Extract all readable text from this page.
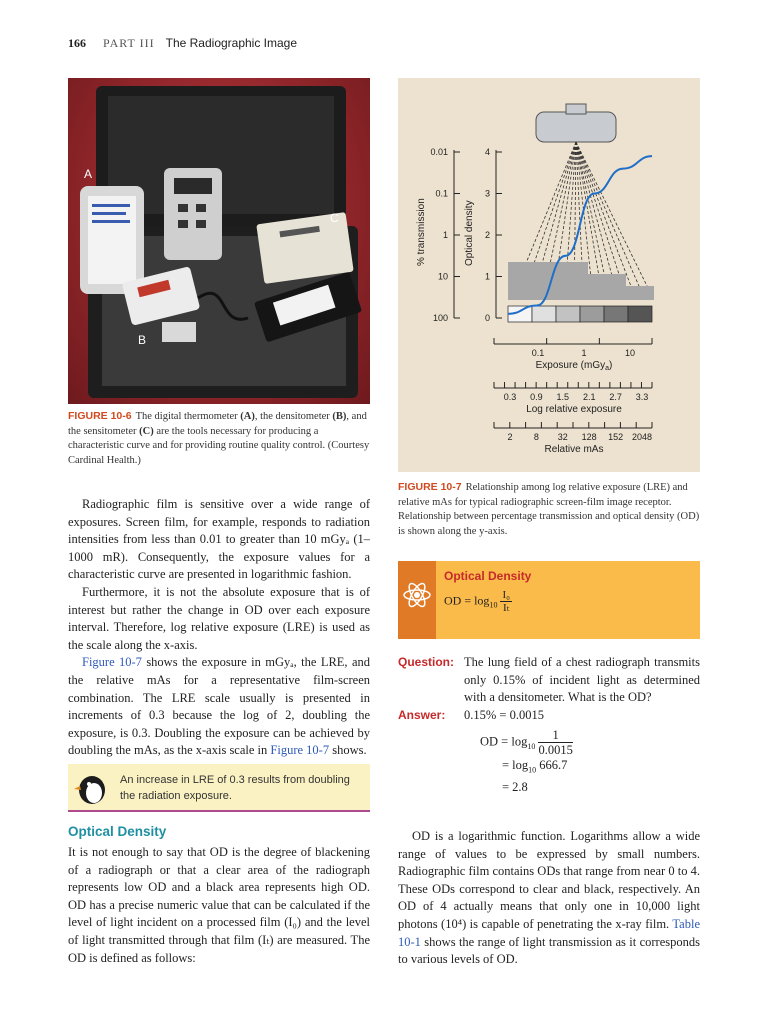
166 PART III The Radiographic Image
A
C
B
FIGURE 10-6 The digital thermometer (A), the densitometer (B), and the sensitometer (C) are the tools necessary for producing a characteristic curve and for providing routine quality control. (Courtesy Cardinal Health.)
0.01
0.1
1
10
100
4
3
2
1
0
% transmission	Optical density
0.1	1	10
Exposure (mGy$_a$)
0.3 0.9 1.5 2.1 2.7 3.3
Log relative exposure
2 8 32 128 152 2048
Relative mAs
FIGURE 10-7 Relationship among log relative exposure (LRE) and relative mAs for typical radiographic screen-film image receptor. Relationship between percentage transmission and optical density (OD) is shown along the y-axis.

Radiographic film is sensitive over a wide range of exposures. Screen film, for example, responds to radiation intensities from less than 0.01 to greater than 10 mGyₐ (1–1000 mR). Consequently, the exposure values for a characteristic curve are presented in logarithmic fashion.

Furthermore, it is not the absolute exposure that is of interest but rather the change in OD over each exposure interval. Therefore, log relative exposure (LRE) is used as the scale along the x-axis.

Figure 10-7 shows the exposure in mGyₐ, the LRE, and the relative mAs for a representative film-screen combination. The LRE scale usually is presented in increments of 0.3 because the log of 2, doubling the exposure, is 0.3. Doubling the exposure can be achieved by doubling the mAs, as the x-axis scale in Figure 10-7 shows.

An increase in LRE of 0.3 results from doubling the radiation exposure.
Optical Density

It is not enough to say that OD is the degree of blackening of a radiograph or that a clear area of the radiograph represents low OD and a black area represents high OD. OD has a precise numeric value that can be calculated if the level of light incident on a processed film (I₀) and the level of light transmitted through that film (Iₜ) are measured. The OD is defined as follows:

Optical Density
OD = $\log_{10} \frac{\text{I₀}}{\text{Iₜ}}$
Question: The lung field of a chest radiograph transmits only 0.15% of incident light as determined with a densitometer. What is the OD?
Answer:	0.15% = 0.0015
OD = $\log_{10} \frac{1}{0.0015}$
= $\log_{10} 666.7$
= 2.8

OD is a logarithmic function. Logarithms allow a wide range of values to be expressed by small numbers. Radiographic film contains ODs that range from near 0 to 4. These ODs correspond to clear and black, respectively. An OD of 4 actually means that only one in 10,000 light photons (10⁴) is capable of penetrating the x-ray film. Table 10-1 shows the range of light transmission as it corresponds to various levels of OD.
